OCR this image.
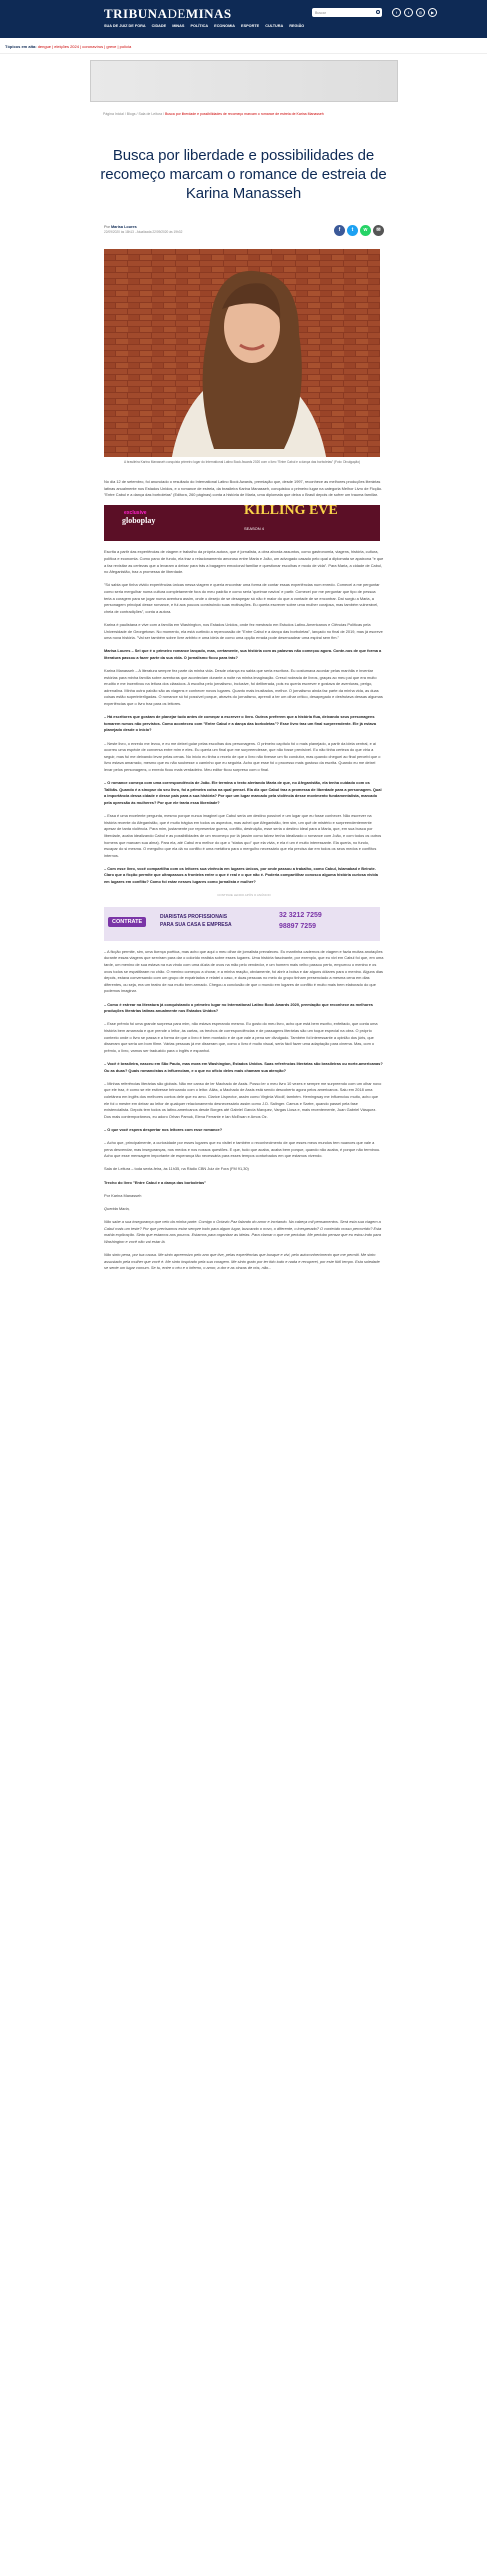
TRIBUNADEMINAS	Buscar	f	t	◎	▶
SUA DE JUIZ DE FORA CIDADE MINAS POLÍTICA ECONOMIA ESPORTE CULTURA REGIÃO
Tópicos em alta: dengue | eleições 2024 | coronavírus | greve | polícia
Página Inicial / Blogs / Sala de Leitura / Busca por liberdade e possibilidades de recomeço marcam o romance de estreia de Karina Manasseh
Busca por liberdade e possibilidades de recomeço marcam o romance de estreia de Karina Manasseh
Por Marisa Loures
22/09/2020 às 18h13 - Atualizada 22/09/2020 às 19h32	f	t	w	✉
A brasileira Karina Manasseh conquista primeiro lugar do International Latino Book Awards 2020 com o livro "Entre Cabul e a dança das borboletas" (Foto: Divulgação)

No dia 12 de setembro, foi anunciado o resultado do International Latino Book Awards, premiação que, desde 1997, reconhece as melhores produções literárias latinas anualmente nos Estados Unidos, e o romance de estreia, da brasileira Karina Manasseh, conquistou o primeiro lugar na categoria Melhor Livro de Ficção. "Entre Cabul e a dança das borboletas" (Editora, 260 páginas) conta a história de Maria, uma diplomata que deixa o Brasil depois de sofrer um trauma familiar.

exclusive
globoplay
KILLING EVE
SEASON 4

Escrita a partir das experiências de viagem e trabalho da própria autora, que é jornalista, a obra aborda assuntos, como gastronomia, viagens, história, cultura, política e economia. Como pano de fundo, ela traz o relacionamento amoroso entre Maria e João, um advogado casado pelo qual a diplomata se apaixona "e que a faz revisitar as certezas que a levaram a deixar para trás a bagagem emocional familiar e questionar escolhas e modo de vida". Para Maria, a cidade de Cabul, no Afeganistão, traz a promessa de liberdade.

"Só sabia que tinha vivido experiências únicas nessa viagem e queria encontrar uma forma de contar essas experiências num enredo. Comecei a me perguntar como seria mergulhar numa cultura completamente fora do meu padrão e como seria 'queimar navios' e partir. Comecei por me perguntar que tipo de pessoa teria a coragem para se jogar numa aventura assim, onde o desejo de se desapegar só não é maior do que a vontade de se encontrar. Daí surgiu a Maria, a personagem principal desse romance, e fui aos poucos construindo suas motivações. Eu queria escrever sobre uma mulher corajosa, mas também vulnerável, cheia de contradições", conta a autora.

Karina é paulistana e vive com a família em Washington, nos Estados Unidos, onde fez mestrado em Estudos Latino-Americanos e Ciências Políticas pela Universidade de Georgetown. No momento, ela está curtindo a repercussão de "Entre Cabul e a dança das borboletas", lançado no final de 2019, mas já escreve uma nova história. "Vai ser também sobre livre arbítrio e uma ideia de como uma opção errada pode desencadear uma espiral sem fim."

Marisa Loures – Sei que é o primeiro romance lançado, mas, certamente, sua história com as palavras não começou agora. Conte-nos de que forma a literatura passou a fazer parte da sua vida. O jornalismo ficou para trás?

Karina Manasseh – A literatura sempre fez parte da minha vida. Desde criança eu sabia que seria escritora. Eu costumava acordar pelas manhãs e inventar estórias para minha família sobre aventuras que aconteciam durante a noite na minha imaginação. Cresci rodeada de livros, graças ao meu pai que era muito erudito e me incentivou na leitura dos clássicos. A escolha pelo jornalismo, inclusive, foi deliberada, pois eu queria escrever e gostava de aventuras, perigo, adrenalina. Minha outra paixão são as viagens e conhecer novos lugares. Quanto mais inusitados, melhor. O jornalismo ainda faz parte da minha vida, as duas coisas estão superinterligadas. O romance só foi possível porque, através do jornalismo, aprendi a ter um olhar crítico, desapegado e desfrutava dessas algumas experiências que o livro traz para os leitores.

– Há escritores que gostam de planejar tudo antes de começar a escrever o livro. Outros preferem que a história flua, deixando seus personagens tomarem rumos não previstos. Como aconteceu com "Entre Cabul e a dança das borboletas"? Esse livro traz um final surpreendente. Ele já estava planejado desde o início?

– Neste livro, o enredo me levou, e eu me deixei guiar pelas escolhas dos personagens. O primeiro capítulo foi o mais planejado, a partir da ideia central, e aí ocorreu uma espécie de conversa entre mim e eles. Eu queria um final que me surpreendesse, que não fosse previsível. Eu não tinha certeza do que viria a seguir, mas fui me deixando levar pelas cenas. No início eu tinha o receio de que o livro não tivesse um fio condutor, mas quando cheguei ao final percebi que o livro estava amarrado, mesmo que eu não soubesse o caminho que eu seguiria. Acho que esse foi o processo mais gostoso da escrita. Quando eu me deixei levar pelos personagens, o enredo ficou mais verdadeiro. Meu editor ficou surpreso com o final.

– O romance começa com uma correspondência de João. Ele termina o texto alertando Maria de que, no Afeganistão, ela tenha cuidado com os Talibãs. Quando é a sinopse do seu livro, foi a primeira coisa na qual pensei. Ela diz que Cabul traz a promessa de liberdade para a personagem. Qual a importância dessa cidade e desse país para a sua história? Por que um lugar marcado pela violência desse movimento fundamentalista, marcado pela opressão às mulheres? Por que ele traria essa liberdade?

– Essa é uma excelente pergunta, mesmo porque nunca imaginei que Cabul seria um destino possível e um lugar que eu fosse conhecer. Não escrever na história recente do Afeganistão, que é muito trágica em todos os aspectos, mas achei que Afeganistão, tem sim, um quê de mistério e surpreendentemente apesar de tanta violência. Para mim, justamente por representar guerra, conflito, destruição, esse seria o destino ideal para a Maria, que, em sua busca por liberdade, acaba idealizando Cabul e as possibilidades de um recomeço por lá (assim como talvez tenha idealizado o romance com João, e com todos os outros homens que marcam sua alma). Para ela, até Cabul era melhor do que o "status quo" que ela vivia, e ela ri um é muito interessante. Ela queria, no fundo, escapar do si mesma. O mergulho que ela dá no conflito é uma metáfora para o mergulho necessário que ela precisa dar em todos os seus medos e conflitos internos.

– Com esse livro, você compartilha com os leitores sua vivência em lugares únicos, por onde passou a trabalho, como Cabul, Islamabad e Beirute. Claro que a ficção permite que ultrapassos a fronteira entre o que é real e o que não é. Poderia compartilhar conosco alguma história curiosa vivida em lugares em conflito? Como foi estar nesses lugares como jornalista e mulher?

CONTINUE LENDO APÓS O ANÚNCIO
CONTRATE
DIARISTAS PROFISSIONAIS
PARA SUA CASA E EMPRESA
32 3212 7259
98897 7259

– A ficção permite, sim, uma licença poética, mas acho que aqui o meu olhar de jornalista prevaleceu. Eu mantinha cadernos de viagem e fazia muitas anotações durante essas viagens que serviram para dar o colorido realista sobre esses lugares. Uma história fascinante, por exemplo, que eu vivi em Cabul foi que, em uma tarde, um menino de sua estava na rua vindo com uma dúzia de ovos na mão pelo vendedor, e um homem mais velho passou perto, empurrou o menino e os ovos todos se espatifaram no chão. O menino começou a chorar, e a minha reação, obviamente, foi abrir a bolsa e dar alguns dólares para o menino. Alguns dias depois, estava conversando com um grupo de expatriados e relatei o caso, e duas pessoas no meio do grupo tinham presenciado a mesma cena em dias diferentes, ou seja, era um teatro de rua muito bem armado. Chegou a conclusão de que o mundo em lugares de conflito é muito mais bem elaborado do que podemos imaginar.

– Como é estrear na literatura já conquistando o primeiro lugar no International Latino Book Awards 2020, premiação que reconhece as melhores produções literárias latinas anualmente nos Estados Unidos?

– Esse prêmio foi uma grande surpresa para mim, não estava esperando mesmo. Eu gosto do meu livro, acho que está bem escrito, enfeitado, que conta uma história bem amarrada e que prende o leitor, às cartas, os trechos de correspondências e de passagens literárias são um toque especial na obra. O próprio contexto onde o livro se passa e a forma de que o livro é bem montado e de que vale a pena ser divulgado. Também foi interessante a opinião dos júris, que disseram que seria um bom filme. Várias pessoas já me disseram que, como o livro é muito visual, seria fácil fazer uma adaptação para cinema. Mas, com o prêmio, o livro, vamos ser traduzido para o inglês e espanhol.

– Você é brasileira, nasceu em São Paulo, mas mora em Washington, Estados Unidos. Suas referências literárias são brasileiras ou norte-americanas? Ou as duas? Quais romancistas a influenciam, e o que no ofício deles mais chamam sua atenção?

– Minhas referências literárias são globais. Não me canso de ler Machado de Assis. Posso ler o meu livro 10 vezes e sempre me surpreendo com um olhar novo que ele traz, é como se ele estivesse brincando com o leitor. Aliás, a Machado de Assis está sendo descoberto agora pelos americanos. Saiu em 2018 uma coletânea em inglês dos melhores contos dele que eu amo. Clarice Lispector, assim como Virginia Woolf, também. Hemingway me influenciou muito, acho que ele foi o mestre em deixar ao leitor de qualquer relacionamento desnecessário assim como J.D. Salinger. Camus e Sartre, quando passei pela fase existencialista. Depois tem todos os latino-americanos desde Borges até Gabriel García Marquez, Vargas Llosa e, mais recentemente, Juan Gabriel Vásquez. Dos mais contemporâneos, eu adoro Orhan Pamuk, Elena Ferrante e Ian McEwan e Amos Oz.

– O que você espera despertar nos leitores com esse romance?

– Acho que, principalmente, a curiosidade por esses lugares que eu visitei e também o reconhecimento de que esses meus mundos tem nuances que vale a pena desvendar, mas inseguranças, nos medos e nos nossos questões. E que, tudo que acaba, acaba bem porque, quando não acaba, é porque não terminou. Acho que esse mensagem importante de esperança tão necessária para esses tempos conturbados em que estamos vivendo.

Sala de Leitura – toda sexta-feira, às 11h35, na Rádio CBN Juiz de Fora (FM 91,30)

Trecho do livro "Entre Cabul e a dança das borboletas"

Por Karina Manasseh

Querida Maria,

Não sabe a sua insegurança que veio da minha parte. Comigo o Octavio Paz falando do amor e incriando. Na cabeça mil pensamentos. Será esta sua viagem a Cabul mais um teste? Por que precisamos estar sempre todo para algum lugar, buscando o novo, o diferente, o inesperado? O conteúdo nosso percorrido? Esta mahla explicação. Sinto que estamos aos poucos. Estamos para organizar as ideias. Para clamar o que me pertubar. Me pertubo pensar que eu estou indo para Washington e você não vai estar lá.

Não sinto pena, por tua causa. Me sinto apreensivo pelo ano que tive, pelas experiências que busque e vivi, pelo autoconhecimento que me permiti. Me sinto assustado pela mulher que você é. Me sinto inspirado pela sua coragem. Me sinto grato por ter tido tudo e nada e recuperei, por este fútil tempo. Esta soledade se sente um lugar comum. Se tu, entre o céu e o inferno, o amor, a dor e as cinzas de nós, não...
